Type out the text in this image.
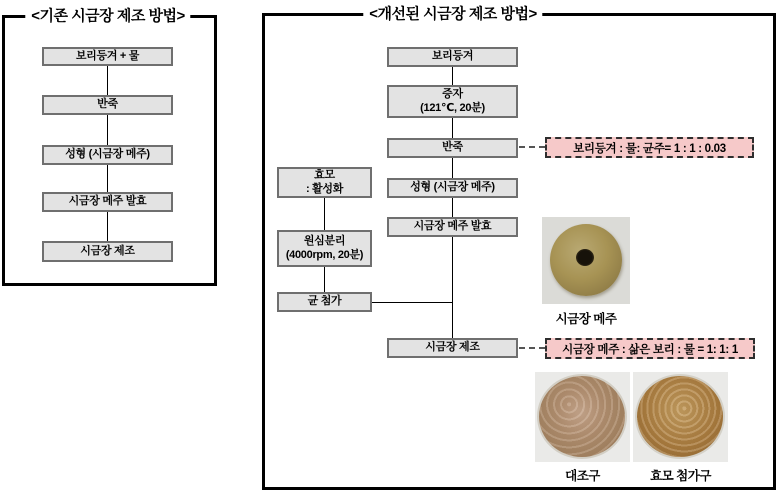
<기존 시금장 제조 방법>
보리등겨 + 물
반죽
성형 (시금장 메주)
시금장 메주 발효
시금장 제조
<개선된 시금장 제조 방법>
보리등겨
증자
(121℃, 20분)
반죽
성형 (시금장 메주)
시금장 메주 발효
시금장 제조
효모
: 활성화
원심분리
(4000rpm, 20분)
균 첨가
보리등겨 : 물: 균주= 1 : 1 : 0.03
시금장 메주 : 삶은 보리 : 물 = 1: 1: 1
시금장 메주
대조구	효모 첨가구
